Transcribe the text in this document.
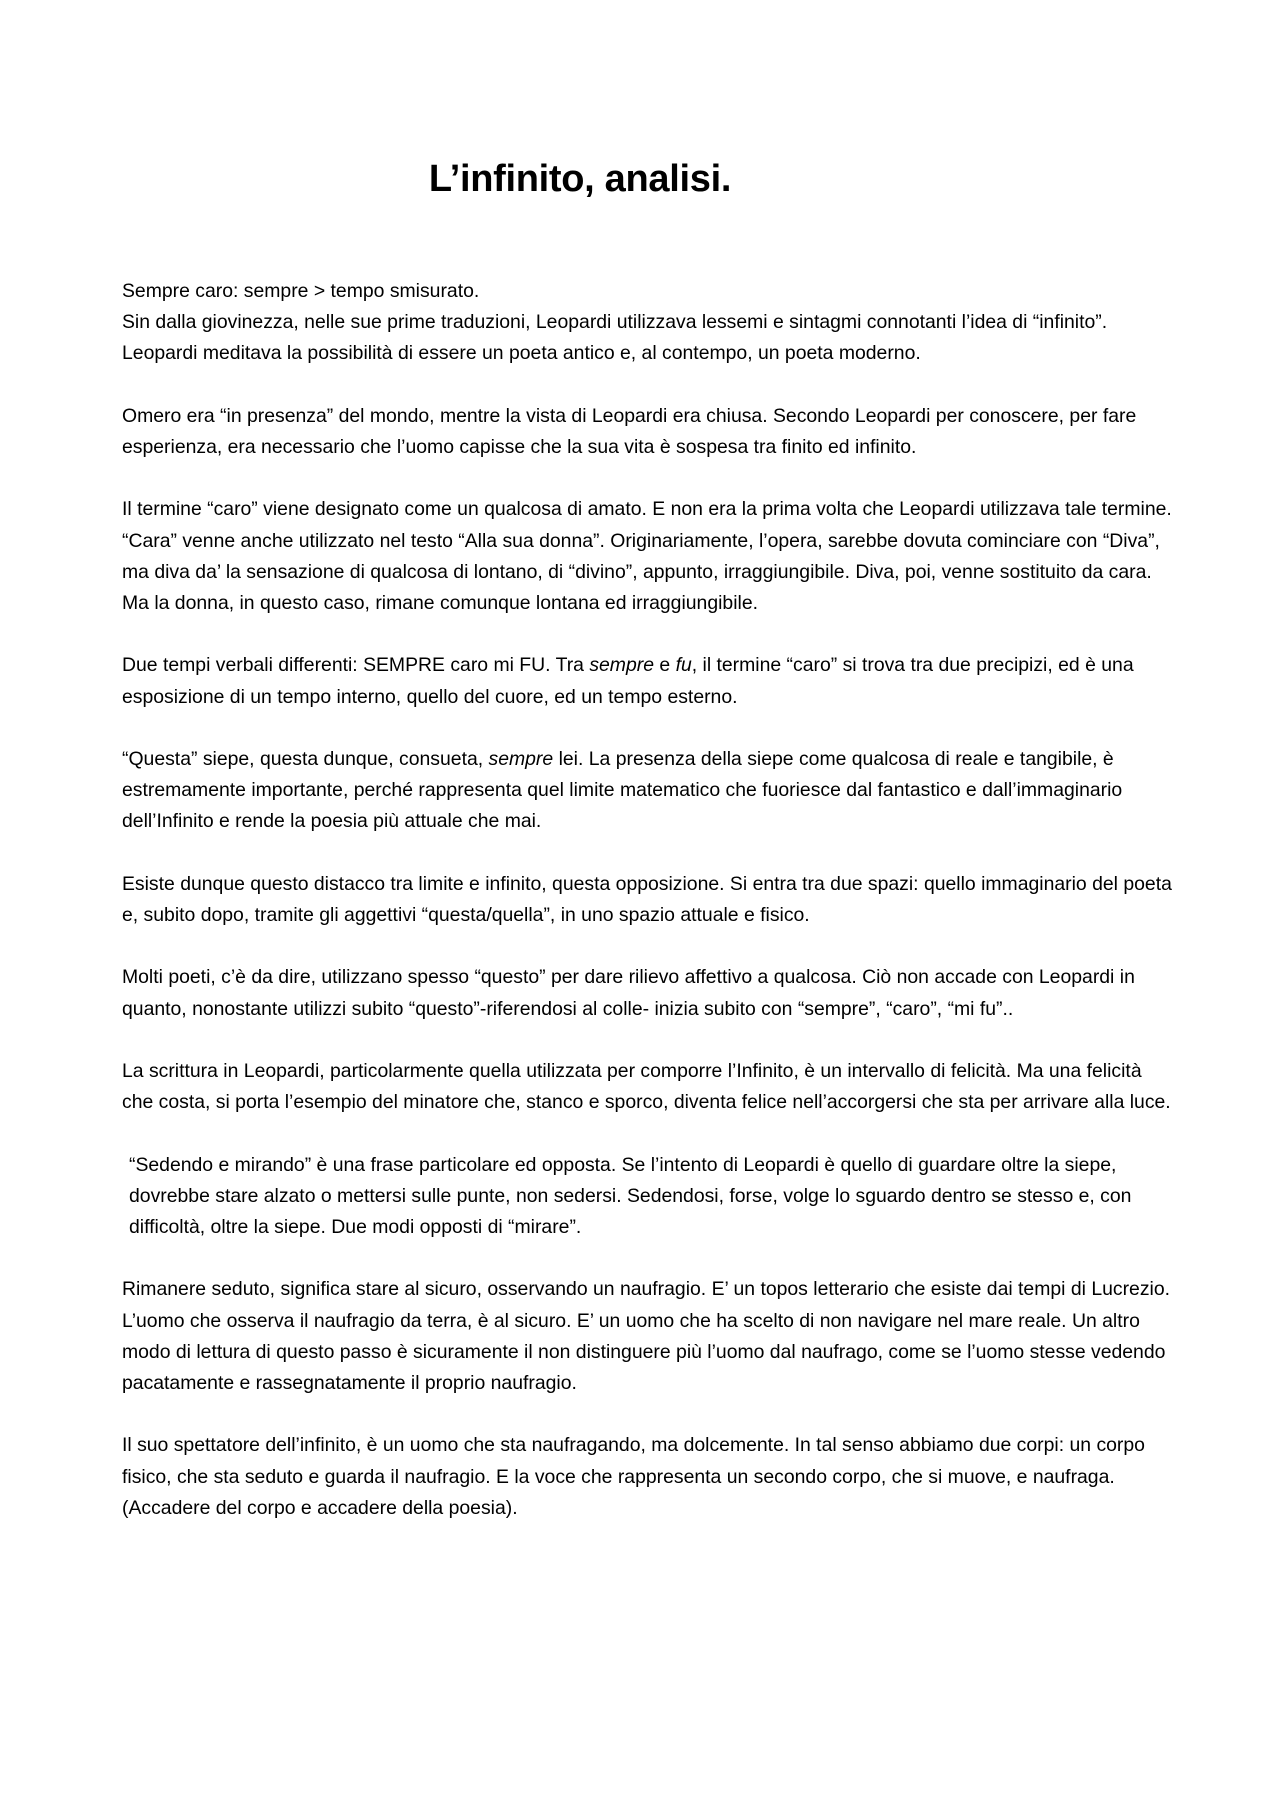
L’infinito, analisi.

Sempre caro: sempre > tempo smisurato.

Sin dalla giovinezza, nelle sue prime traduzioni, Leopardi utilizzava lessemi e sintagmi connotanti l’idea di “infinito”. Leopardi meditava la possibilità di essere un poeta antico e, al contempo, un poeta moderno.

Omero era “in presenza” del mondo, mentre la vista di Leopardi era chiusa. Secondo Leopardi per conoscere, per fare esperienza, era necessario che l’uomo capisse che la sua vita è sospesa tra finito ed infinito.

Il termine “caro” viene designato come un qualcosa di amato. E non era la prima volta che Leopardi utilizzava tale termine. “Cara” venne anche utilizzato nel testo “Alla sua donna”. Originariamente, l’opera, sarebbe dovuta cominciare con “Diva”, ma diva da’ la sensazione di qualcosa di lontano, di “divino”, appunto, irraggiungibile. Diva, poi, venne sostituito da cara. Ma la donna, in questo caso, rimane comunque lontana ed irraggiungibile.

Due tempi verbali differenti: SEMPRE caro mi FU. Tra sempre e fu, il termine “caro” si trova tra due precipizi, ed è una esposizione di un tempo interno, quello del cuore, ed un tempo esterno.

“Questa” siepe, questa dunque, consueta, sempre lei. La presenza della siepe come qualcosa di reale e tangibile, è estremamente importante, perché rappresenta quel limite matematico che fuoriesce dal fantastico e dall’immaginario dell’Infinito e rende la poesia più attuale che mai.

Esiste dunque questo distacco tra limite e infinito, questa opposizione. Si entra tra due spazi: quello immaginario del poeta e, subito dopo, tramite gli aggettivi “questa/quella”, in uno spazio attuale e fisico.

Molti poeti, c’è da dire, utilizzano spesso “questo” per dare rilievo affettivo a qualcosa. Ciò non accade con Leopardi in quanto, nonostante utilizzi subito “questo”-riferendosi al colle- inizia subito con “sempre”, “caro”, “mi fu”..

La scrittura in Leopardi, particolarmente quella utilizzata per comporre l’Infinito, è un intervallo di felicità. Ma una felicità che costa, si porta l’esempio del minatore che, stanco e sporco, diventa felice nell’accorgersi che sta per arrivare alla luce.

“Sedendo e mirando” è una frase particolare ed opposta. Se l’intento di Leopardi è quello di guardare oltre la siepe, dovrebbe stare alzato o mettersi sulle punte, non sedersi. Sedendosi, forse, volge lo sguardo dentro se stesso e, con difficoltà, oltre la siepe. Due modi opposti di “mirare”.

Rimanere seduto, significa stare al sicuro, osservando un naufragio. E’ un topos letterario che esiste dai tempi di Lucrezio. L’uomo che osserva il naufragio da terra, è al sicuro. E’ un uomo che ha scelto di non navigare nel mare reale. Un altro modo di lettura di questo passo è sicuramente il non distinguere più l’uomo dal naufrago, come se l’uomo stesse vedendo pacatamente e rassegnatamente il proprio naufragio.

Il suo spettatore dell’infinito, è un uomo che sta naufragando, ma dolcemente. In tal senso abbiamo due corpi: un corpo fisico, che sta seduto e guarda il naufragio. E la voce che rappresenta un secondo corpo, che si muove, e naufraga. (Accadere del corpo e accadere della poesia).
